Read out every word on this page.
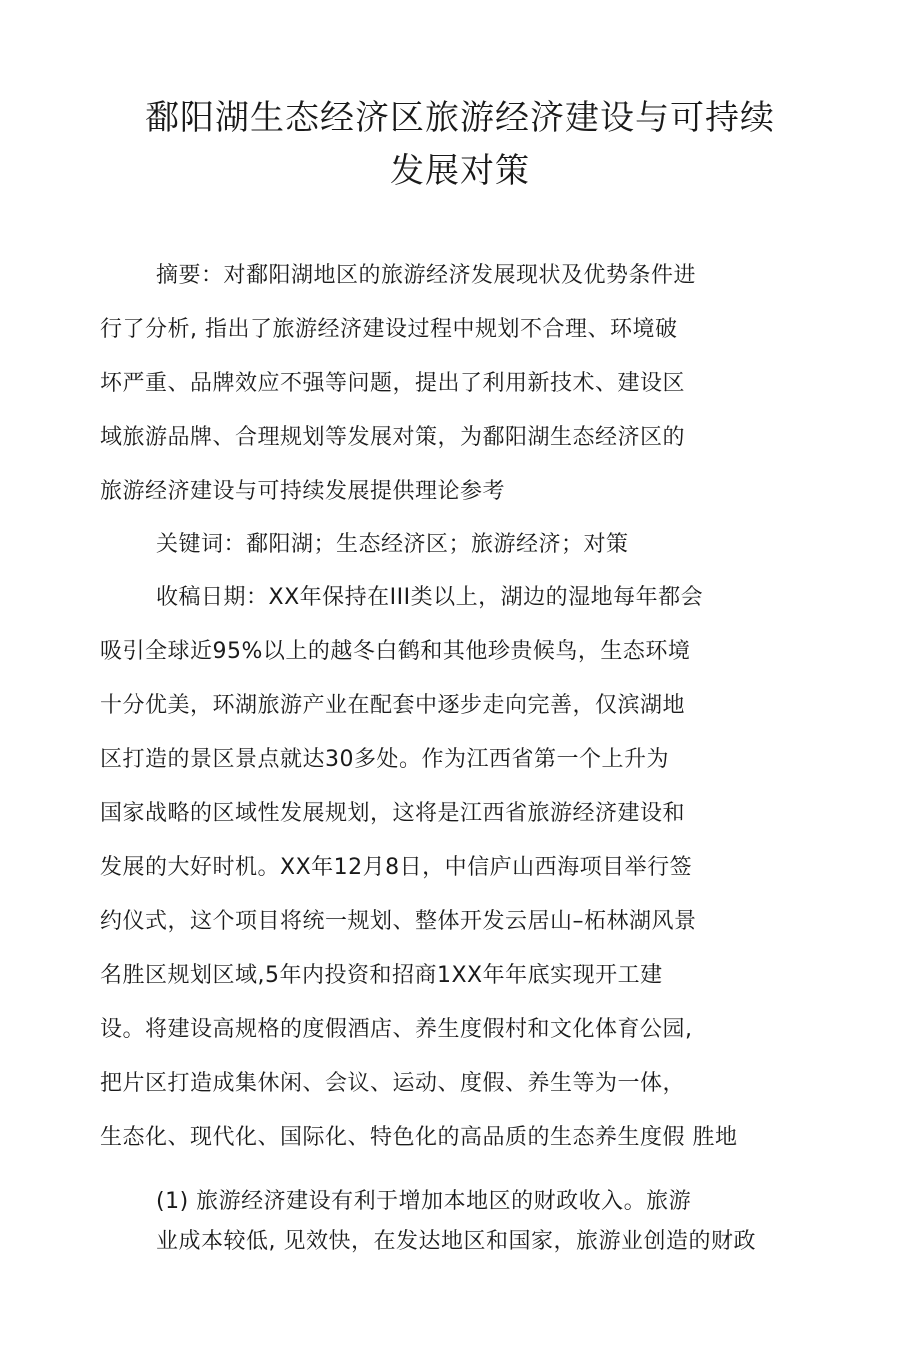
鄱阳湖生态经济区旅游经济建设与可持续
发展对策
摘要：对鄱阳湖地区的旅游经济发展现状及优势条件进
行了分析, 指出了旅游经济建设过程中规划不合理、环境破
坏严重、品牌效应不强等问题，提出了利用新技术、建设区
域旅游品牌、合理规划等发展对策，为鄱阳湖生态经济区的
旅游经济建设与可持续发展提供理论参考
关键词：鄱阳湖；生态经济区；旅游经济；对策
收稿日期：XX年保持在III类以上，湖边的湿地每年都会
吸引全球近95%以上的越冬白鹤和其他珍贵候鸟，生态环境
十分优美，环湖旅游产业在配套中逐步走向完善，仅滨湖地
区打造的景区景点就达30多处。作为江西省第一个上升为
国家战略的区域性发展规划，这将是江西省旅游经济建设和
发展的大好时机。XX年12月8日，中信庐山西海项目举行签
约仪式，这个项目将统一规划、整体开发云居山–柘林湖风景
名胜区规划区域,5年内投资和招商1XX年年底实现开工建
设。将建设高规格的度假酒店、养生度假村和文化体育公园,
把片区打造成集休闲、会议、运动、度假、养生等为一体，
生态化、现代化、国际化、特色化的高品质的生态养生度假 胜地
(1) 旅游经济建设有利于增加本地区的财政收入。旅游
业成本较低, 见效快，在发达地区和国家，旅游业创造的财政
